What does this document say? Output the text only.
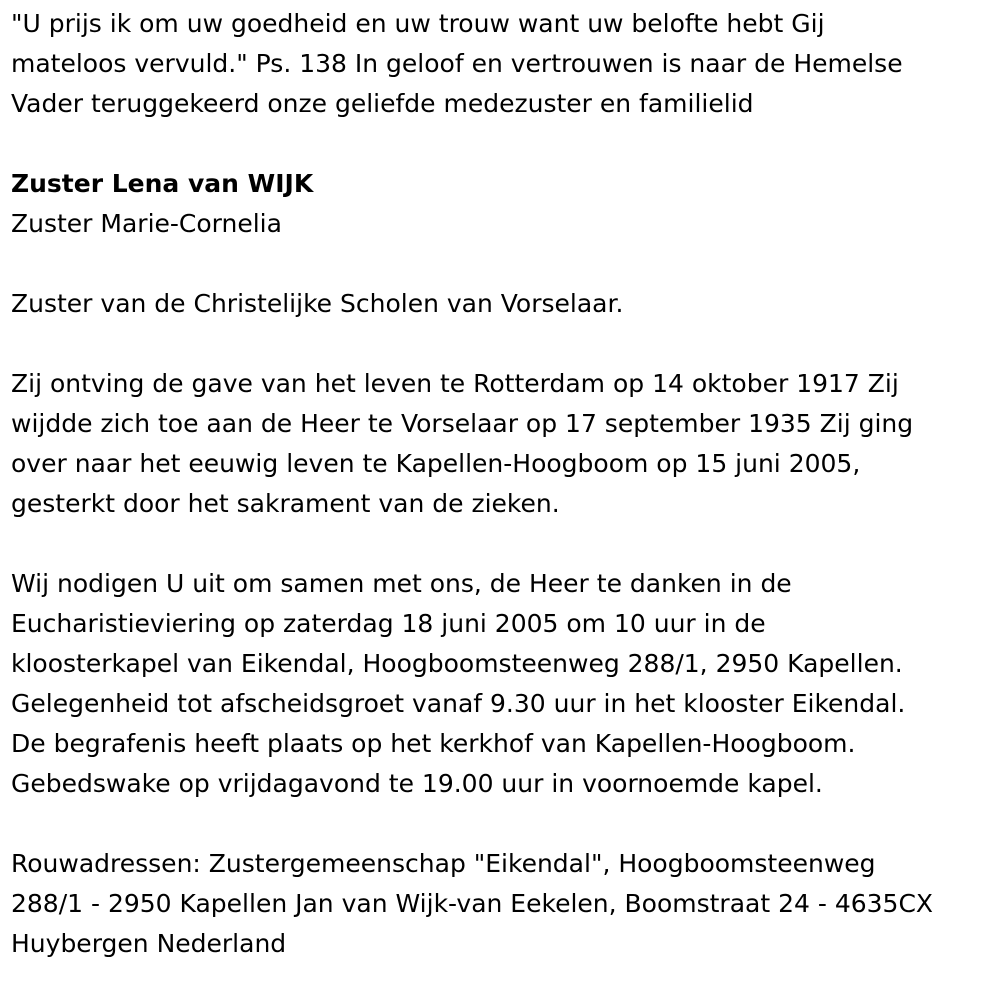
"U prijs ik om uw goedheid en uw trouw want uw belofte hebt Gij
mateloos vervuld." Ps. 138 In geloof en vertrouwen is naar de Hemelse
Vader teruggekeerd onze geliefde medezuster en familielid
Zuster Lena van WIJK
Zuster Marie-Cornelia
Zuster van de Christelijke Scholen van Vorselaar.
Zij ontving de gave van het leven te Rotterdam op 14 oktober 1917 Zij
wijdde zich toe aan de Heer te Vorselaar op 17 september 1935 Zij ging
over naar het eeuwig leven te Kapellen-Hoogboom op 15 juni 2005,
gesterkt door het sakrament van de zieken.
Wij nodigen U uit om samen met ons, de Heer te danken in de
Eucharistieviering op zaterdag 18 juni 2005 om 10 uur in de
kloosterkapel van Eikendal, Hoogboomsteenweg 288/1, 2950 Kapellen.
Gelegenheid tot afscheidsgroet vanaf 9.30 uur in het klooster Eikendal.
De begrafenis heeft plaats op het kerkhof van Kapellen-Hoogboom.
Gebedswake op vrijdagavond te 19.00 uur in voornoemde kapel.
Rouwadressen: Zustergemeenschap "Eikendal", Hoogboomsteenweg
288/1 - 2950 Kapellen Jan van Wijk-van Eekelen, Boomstraat 24 - 4635CX
Huybergen Nederland
